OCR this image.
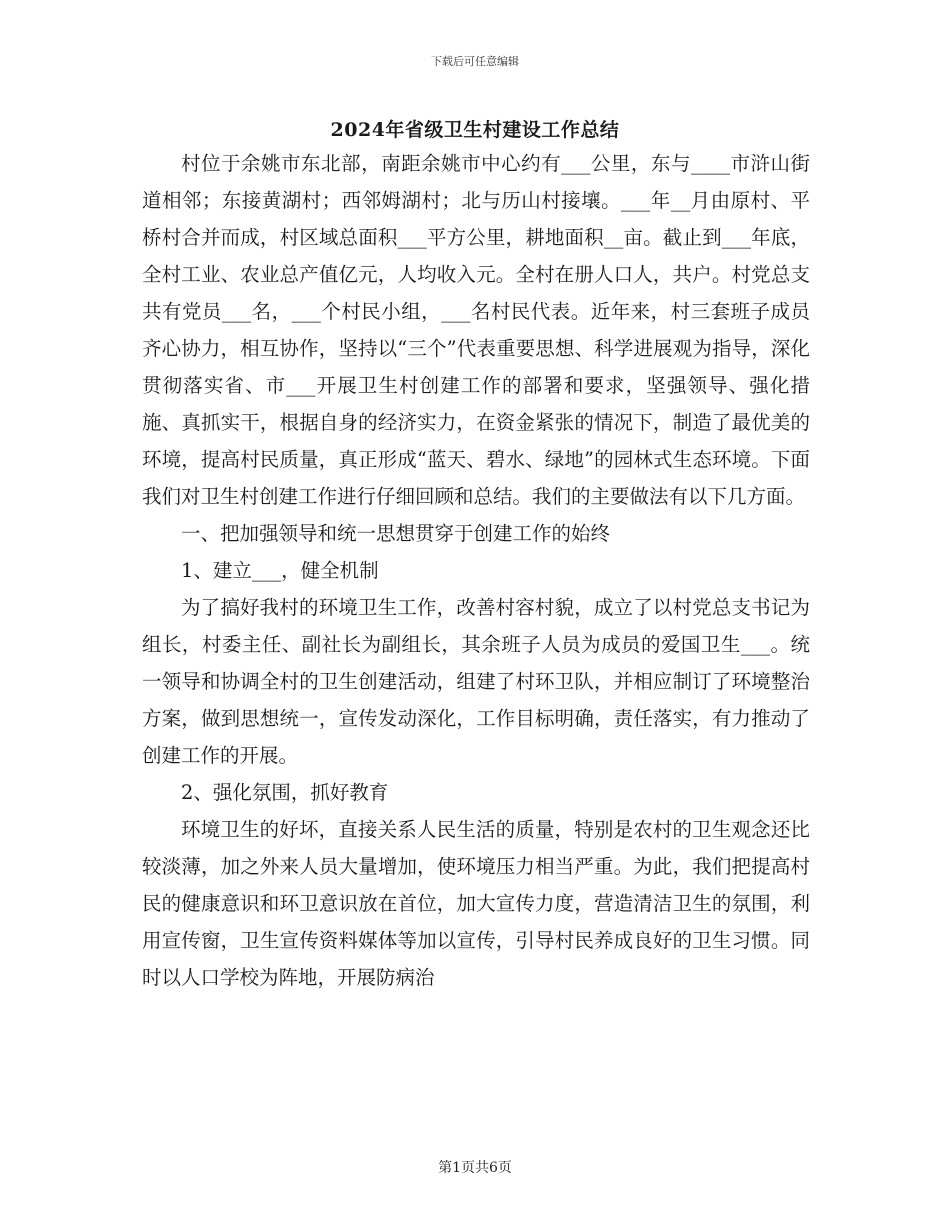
下载后可任意编辑
2024年省级卫生村建设工作总结

村位于余姚市东北部，南距余姚市中心约有___公里，东与____市浒山街道相邻；东接黄湖村；西邻姆湖村；北与历山村接壤。___年__月由原村、平桥村合并而成，村区域总面积___平方公里，耕地面积__亩。截止到___年底，全村工业、农业总产值亿元，人均收入元。全村在册人口人，共户。村党总支共有党员___名，___个村民小组，___名村民代表。近年来，村三套班子成员齐心协力，相互协作，坚持以“三个”代表重要思想、科学进展观为指导，深化贯彻落实省、市___开展卫生村创建工作的部署和要求，坚强领导、强化措施、真抓实干，根据自身的经济实力，在资金紧张的情况下，制造了最优美的环境，提高村民质量，真正形成“蓝天、碧水、绿地”的园林式生态环境。下面我们对卫生村创建工作进行仔细回顾和总结。我们的主要做法有以下几方面。

一、把加强领导和统一思想贯穿于创建工作的始终

1、建立___，健全机制

为了搞好我村的环境卫生工作，改善村容村貌，成立了以村党总支书记为组长，村委主任、副社长为副组长，其余班子人员为成员的爱国卫生___。统一领导和协调全村的卫生创建活动，组建了村环卫队，并相应制订了环境整治方案，做到思想统一，宣传发动深化，工作目标明确，责任落实，有力推动了创建工作的开展。

2、强化氛围，抓好教育

环境卫生的好坏，直接关系人民生活的质量，特别是农村的卫生观念还比较淡薄，加之外来人员大量增加，使环境压力相当严重。为此，我们把提高村民的健康意识和环卫意识放在首位，加大宣传力度，营造清洁卫生的氛围，利用宣传窗，卫生宣传资料媒体等加以宣传，引导村民养成良好的卫生习惯。同时以人口学校为阵地，开展防病治

第1页共6页
